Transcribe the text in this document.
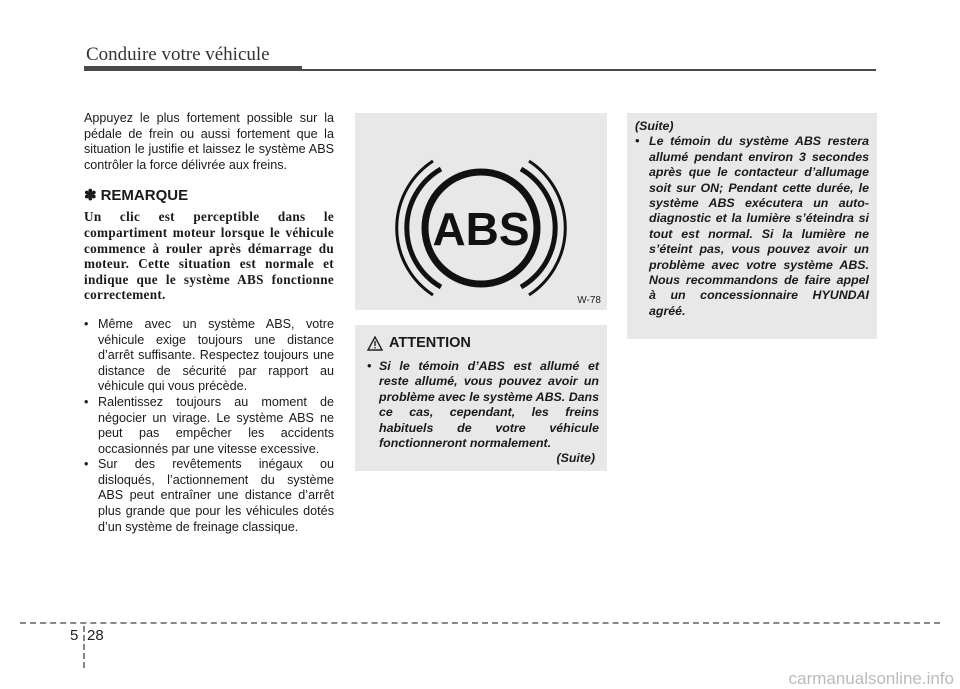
Conduire votre véhicule

Appuyez le plus fortement possible sur la pédale de frein ou aussi fortement que la situation le justifie et laissez le système ABS contrôler la force délivrée aux freins.

✽ REMARQUE

Un clic est perceptible dans le compartiment moteur lorsque le véhicule commence à rouler après démarrage du moteur. Cette situation est normale et indique que le système ABS fonctionne correctement.

• Même avec un système ABS, votre véhicule exige toujours une distance d’arrêt suffisante. Respectez toujours une distance de sécurité par rapport au véhicule qui vous précède.
• Ralentissez toujours au moment de négocier un virage. Le système ABS ne peut pas empêcher les accidents occasionnés par une vitesse excessive.
• Sur des revêtements inégaux ou disloqués, l’actionnement du système ABS peut entraîner une distance d’arrêt plus grande que pour les véhicules dotés d’un système de freinage classique.
ABS
W-78
ATTENTION
• Si le témoin d’ABS est allumé et reste allumé, vous pouvez avoir un problème avec le système ABS. Dans ce cas, cependant, les freins habituels de votre véhicule fonctionneront normalement.
(Suite)
(Suite)
• Le témoin du système ABS restera allumé pendant environ 3 secondes après que le contacteur d’allumage soit sur ON; Pendant cette durée, le système ABS exécutera un auto-diagnostic et la lumière s’éteindra si tout est normal. Si la lumière ne s’éteint pas, vous pouvez avoir un problème avec votre système ABS. Nous recommandons de faire appel à un concessionnaire HYUNDAI agréé.
5 28
carmanualsonline.info
